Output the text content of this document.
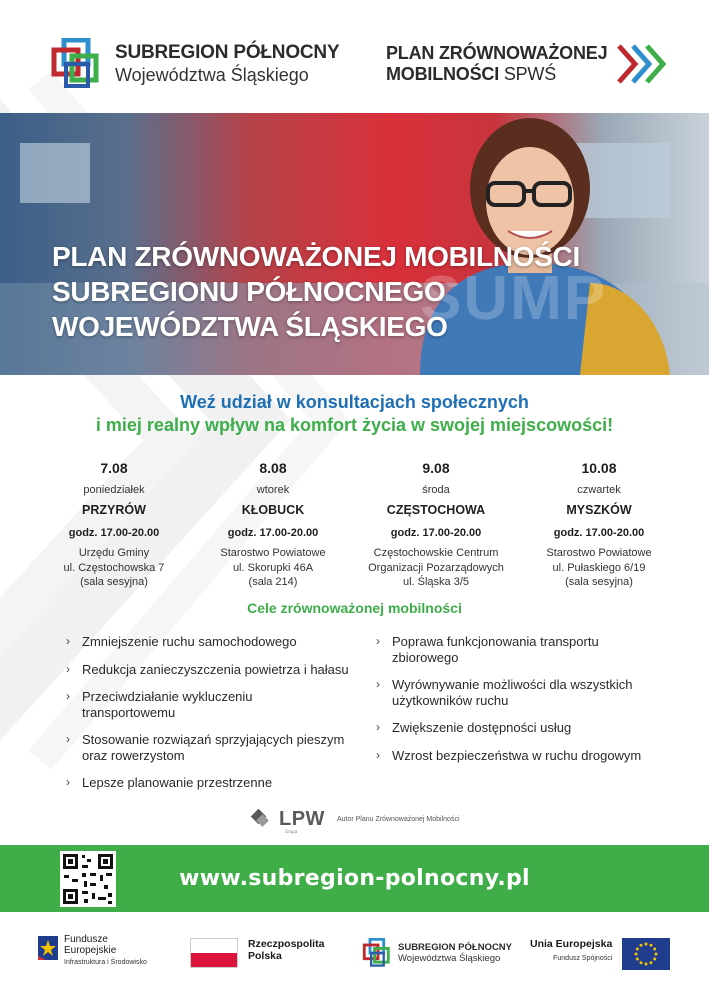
SUBREGION PÓŁNOCNY
Województwa Śląskiego
PLAN ZRÓWNOWAŻONEJ
MOBILNOŚCI SPWŚ
SUMP
PLAN ZRÓWNOWAŻONEJ MOBILNOŚCI
SUBREGIONU PÓŁNOCNEGO
WOJEWÓDZTWA ŚLĄSKIEGO
Weź udział w konsultacjach społecznych
i miej realny wpływ na komfort życia w swojej miejscowości!
7.08
poniedziałek
PRZYRÓW
godz. 17.00-20.00
Urzędu Gminy
ul. Częstochowska 7
(sala sesyjna)
8.08
wtorek
KŁOBUCK
godz. 17.00-20.00
Starostwo Powiatowe
ul. Skorupki 46A
(sala 214)
9.08
środa
CZĘSTOCHOWA
godz. 17.00-20.00
Częstochowskie Centrum
Organizacji Pozarządowych
ul. Śląska 3/5
10.08
czwartek
MYSZKÓW
godz. 17.00-20.00
Starostwo Powiatowe
ul. Pułaskiego 6/19
(sala sesyjna)
Cele zrównoważonej mobilności
› Zmniejszenie ruchu samochodowego
› Redukcja zanieczyszczenia powietrza i hałasu
› Przeciwdziałanie wykluczeniu
transportowemu
› Stosowanie rozwiązań sprzyjających pieszym
oraz rowerzystom
› Lepsze planowanie przestrzenne
› Poprawa funkcjonowania transportu
zbiorowego
› Wyrównywanie możliwości dla wszystkich
użytkowników ruchu
› Zwiększenie dostępności usług
› Wzrost bezpieczeństwa w ruchu drogowym
LPW
Grupa
Autor Planu Zrównoważonej Mobilności
www.subregion-polnocny.pl
Fundusze
Europejskie
Infrastruktura i Środowisko
Rzeczpospolita
Polska
SUBREGION PÓŁNOCNY
Województwa Śląskiego
Unia Europejska
Fundusz Spójności
